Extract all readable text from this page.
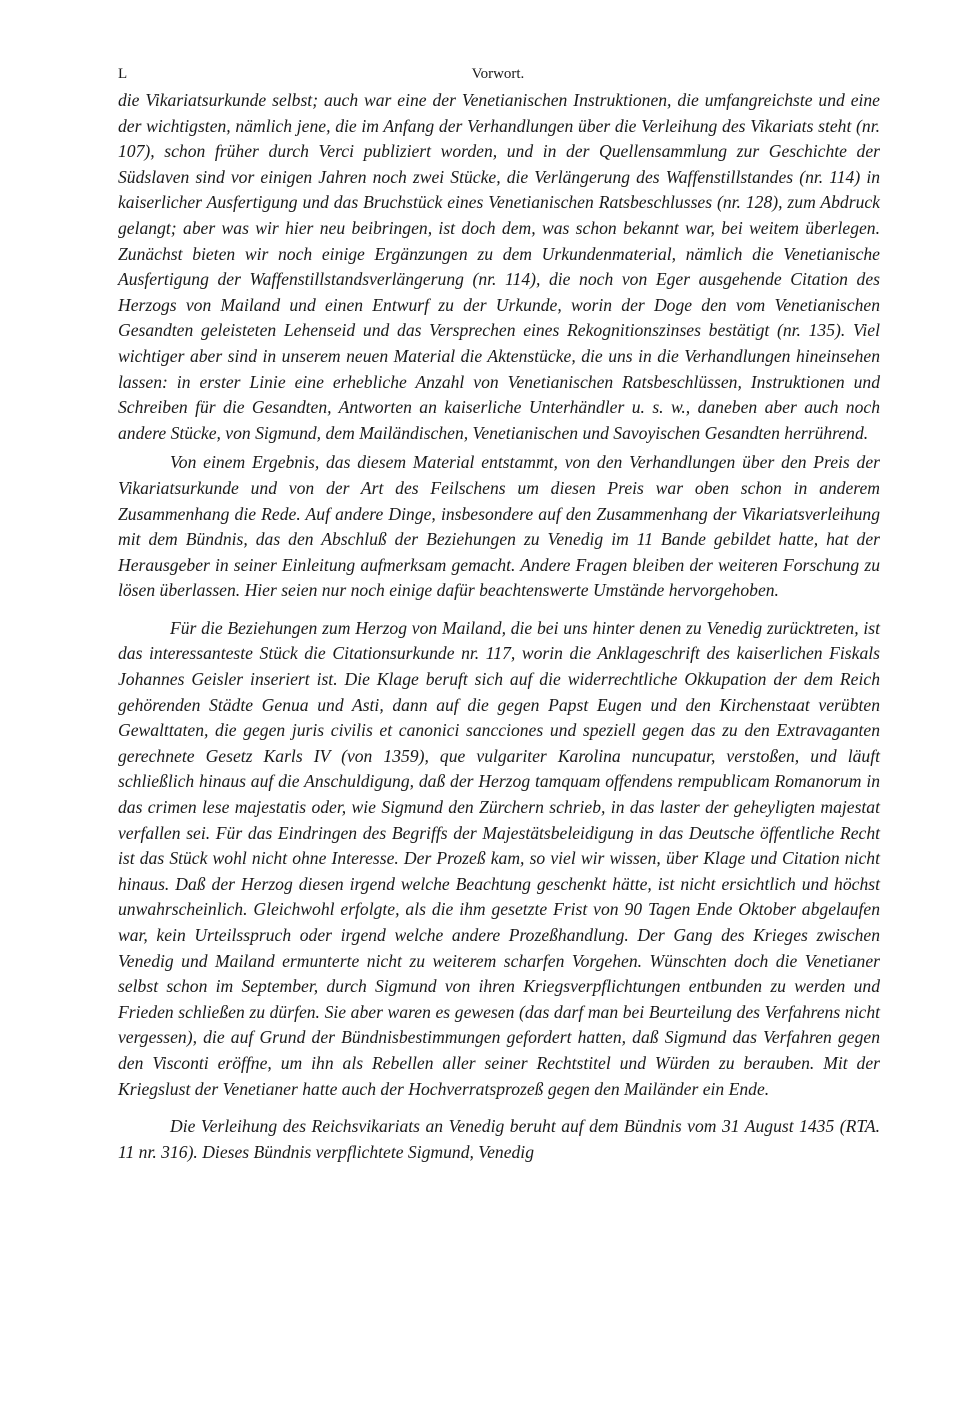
L	Vorwort.

die Vikariatsurkunde selbst; auch war eine der Venetianischen Instruktionen, die umfangreichste und eine der wichtigsten, nämlich jene, die im Anfang der Verhandlungen über die Verleihung des Vikariats steht (nr. 107), schon früher durch Verci publiziert worden, und in der Quellensammlung zur Geschichte der Südslaven sind vor einigen Jahren noch zwei Stücke, die Verlängerung des Waffenstillstandes (nr. 114) in kaiserlicher Ausfertigung und das Bruchstück eines Venetianischen Ratsbeschlusses (nr. 128), zum Abdruck gelangt; aber was wir hier neu beibringen, ist doch dem, was schon bekannt war, bei weitem überlegen. Zunächst bieten wir noch einige Ergänzungen zu dem Urkundenmaterial, nämlich die Venetianische Ausfertigung der Waffenstillstandsverlängerung (nr. 114), die noch von Eger ausgehende Citation des Herzogs von Mailand und einen Entwurf zu der Urkunde, worin der Doge den vom Venetianischen Gesandten geleisteten Lehenseid und das Versprechen eines Rekognitionszinses bestätigt (nr. 135). Viel wichtiger aber sind in unserem neuen Material die Aktenstücke, die uns in die Verhandlungen hineinsehen lassen: in erster Linie eine erhebliche Anzahl von Venetianischen Ratsbeschlüssen, Instruktionen und Schreiben für die Gesandten, Antworten an kaiserliche Unterhändler u. s. w., daneben aber auch noch andere Stücke, von Sigmund, dem Mailändischen, Venetianischen und Savoyischen Gesandten herrührend.

Von einem Ergebnis, das diesem Material entstammt, von den Verhandlungen über den Preis der Vikariatsurkunde und von der Art des Feilschens um diesen Preis war oben schon in anderem Zusammenhang die Rede. Auf andere Dinge, insbesondere auf den Zusammenhang der Vikariatsverleihung mit dem Bündnis, das den Abschluß der Beziehungen zu Venedig im 11 Bande gebildet hatte, hat der Herausgeber in seiner Einleitung aufmerksam gemacht. Andere Fragen bleiben der weiteren Forschung zu lösen überlassen. Hier seien nur noch einige dafür beachtenswerte Umstände hervorgehoben.

Für die Beziehungen zum Herzog von Mailand, die bei uns hinter denen zu Venedig zurücktreten, ist das interessanteste Stück die Citationsurkunde nr. 117, worin die Anklageschrift des kaiserlichen Fiskals Johannes Geisler inseriert ist. Die Klage beruft sich auf die widerrechtliche Okkupation der dem Reich gehörenden Städte Genua und Asti, dann auf die gegen Papst Eugen und den Kirchenstaat verübten Gewalttaten, die gegen juris civilis et canonici sancciones und speziell gegen das zu den Extravaganten gerechnete Gesetz Karls IV (von 1359), que vulgariter Karolina nuncupatur, verstoßen, und läuft schließlich hinaus auf die Anschuldigung, daß der Herzog tamquam offendens rempublicam Romanorum in das crimen lese majestatis oder, wie Sigmund den Zürchern schrieb, in das laster der geheyligten majestat verfallen sei. Für das Eindringen des Begriffs der Majestätsbeleidigung in das Deutsche öffentliche Recht ist das Stück wohl nicht ohne Interesse. Der Prozeß kam, so viel wir wissen, über Klage und Citation nicht hinaus. Daß der Herzog diesen irgend welche Beachtung geschenkt hätte, ist nicht ersichtlich und höchst unwahrscheinlich. Gleichwohl erfolgte, als die ihm gesetzte Frist von 90 Tagen Ende Oktober abgelaufen war, kein Urteilsspruch oder irgend welche andere Prozeßhandlung. Der Gang des Krieges zwischen Venedig und Mailand ermunterte nicht zu weiterem scharfen Vorgehen. Wünschten doch die Venetianer selbst schon im September, durch Sigmund von ihren Kriegsverpflichtungen entbunden zu werden und Frieden schließen zu dürfen. Sie aber waren es gewesen (das darf man bei Beurteilung des Verfahrens nicht vergessen), die auf Grund der Bündnisbestimmungen gefordert hatten, daß Sigmund das Verfahren gegen den Visconti eröffne, um ihn als Rebellen aller seiner Rechtstitel und Würden zu berauben. Mit der Kriegslust der Venetianer hatte auch der Hochverratsprozeß gegen den Mailänder ein Ende.

Die Verleihung des Reichsvikariats an Venedig beruht auf dem Bündnis vom 31 August 1435 (RTA. 11 nr. 316). Dieses Bündnis verpflichtete Sigmund, Venedig
